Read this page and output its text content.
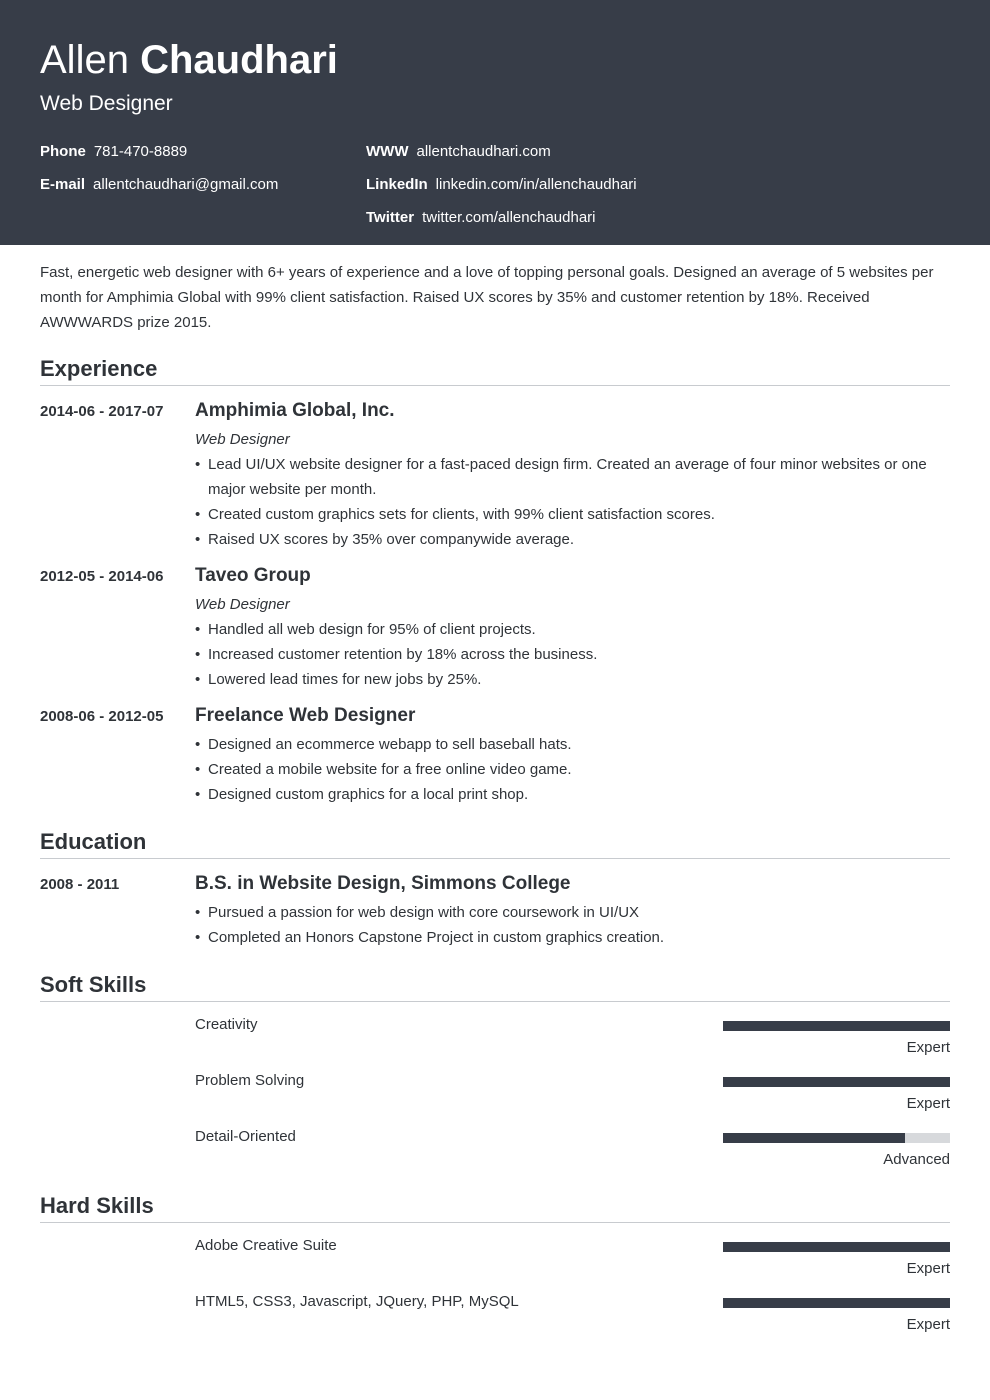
Allen Chaudhari
Web Designer
Phone 781-470-8889
E-mail allentchaudhari@gmail.com
WWW allentchaudhari.com
LinkedIn linkedin.com/in/allenchaudhari
Twitter twitter.com/allenchaudhari
Fast, energetic web designer with 6+ years of experience and a love of topping personal goals. Designed an average of 5 websites per month for Amphimia Global with 99% client satisfaction. Raised UX scores by 35% and customer retention by 18%. Received AWWWARDS prize 2015.
Experience
2014-06 - 2017-07 Amphimia Global, Inc.
Web Designer
• Lead UI/UX website designer for a fast-paced design firm. Created an average of four minor websites or one major website per month.
• Created custom graphics sets for clients, with 99% client satisfaction scores.
• Raised UX scores by 35% over companywide average.
2012-05 - 2014-06 Taveo Group
Web Designer
• Handled all web design for 95% of client projects.
• Increased customer retention by 18% across the business.
• Lowered lead times for new jobs by 25%.
2008-06 - 2012-05 Freelance Web Designer
• Designed an ecommerce webapp to sell baseball hats.
• Created a mobile website for a free online video game.
• Designed custom graphics for a local print shop.
Education
2008 - 2011	B.S. in Website Design, Simmons College
• Pursued a passion for web design with core coursework in UI/UX
• Completed an Honors Capstone Project in custom graphics creation.
Soft Skills
Creativity
Expert
Problem Solving
Expert
Detail-Oriented
Advanced
Hard Skills
Adobe Creative Suite
Expert
HTML5, CSS3, Javascript, JQuery, PHP, MySQL
Expert
